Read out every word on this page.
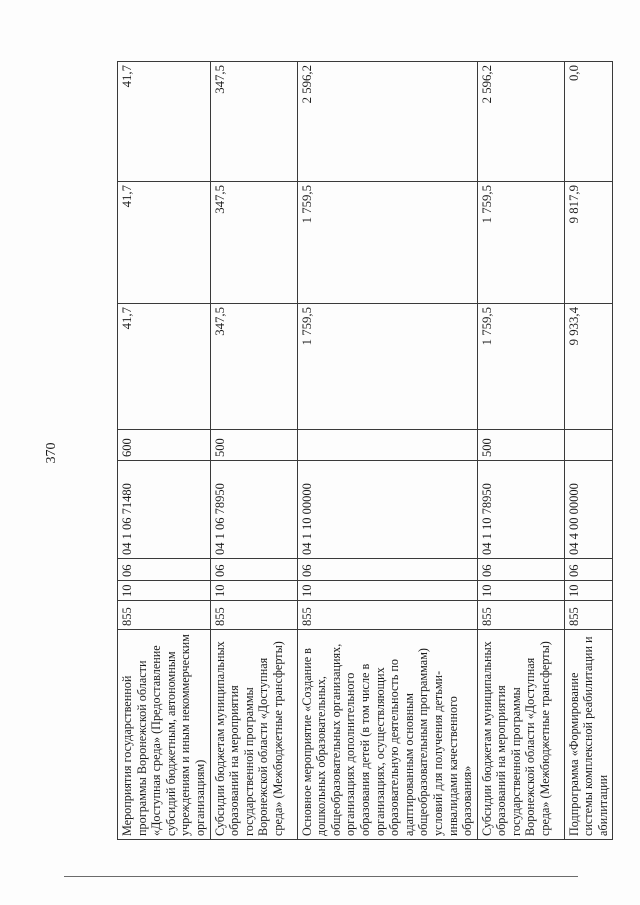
370
Мероприятия государственной программы Воронежской области «Доступная среда» (Предоставление субсидий бюджетным, автономным учреждениям и иным некоммерческим организациям)	855	10	06	04 1 06 71480	600	41,7	41,7	41,7
Субсидии бюджетам муниципальных образований на мероприятия государственной программы Воронежской области «Доступная среда» (Межбюджетные трансферты)	855	10	06	04 1 06 78950	500	347,5	347,5	347,5
Основное мероприятие «Создание в дошкольных образовательных, общеобразовательных организациях, организациях дополнительного образования детей (в том числе в организациях, осуществляющих образовательную деятельность по адаптированным основным общеобразовательным программам) условий для получения детьми-инвалидами качественного образования»	855	10	06	04 1 10 00000		1 759,5	1 759,5	2 596,2
Субсидии бюджетам муниципальных образований на мероприятия государственной программы Воронежской области «Доступная среда» (Межбюджетные трансферты)	855	10	06	04 1 10 78950	500	1 759,5	1 759,5	2 596,2
Подпрограмма «Формирование системы комплексной реабилитации и абилитации	855	10	06	04 4 00 00000		9 933,4	9 817,9	0,0
